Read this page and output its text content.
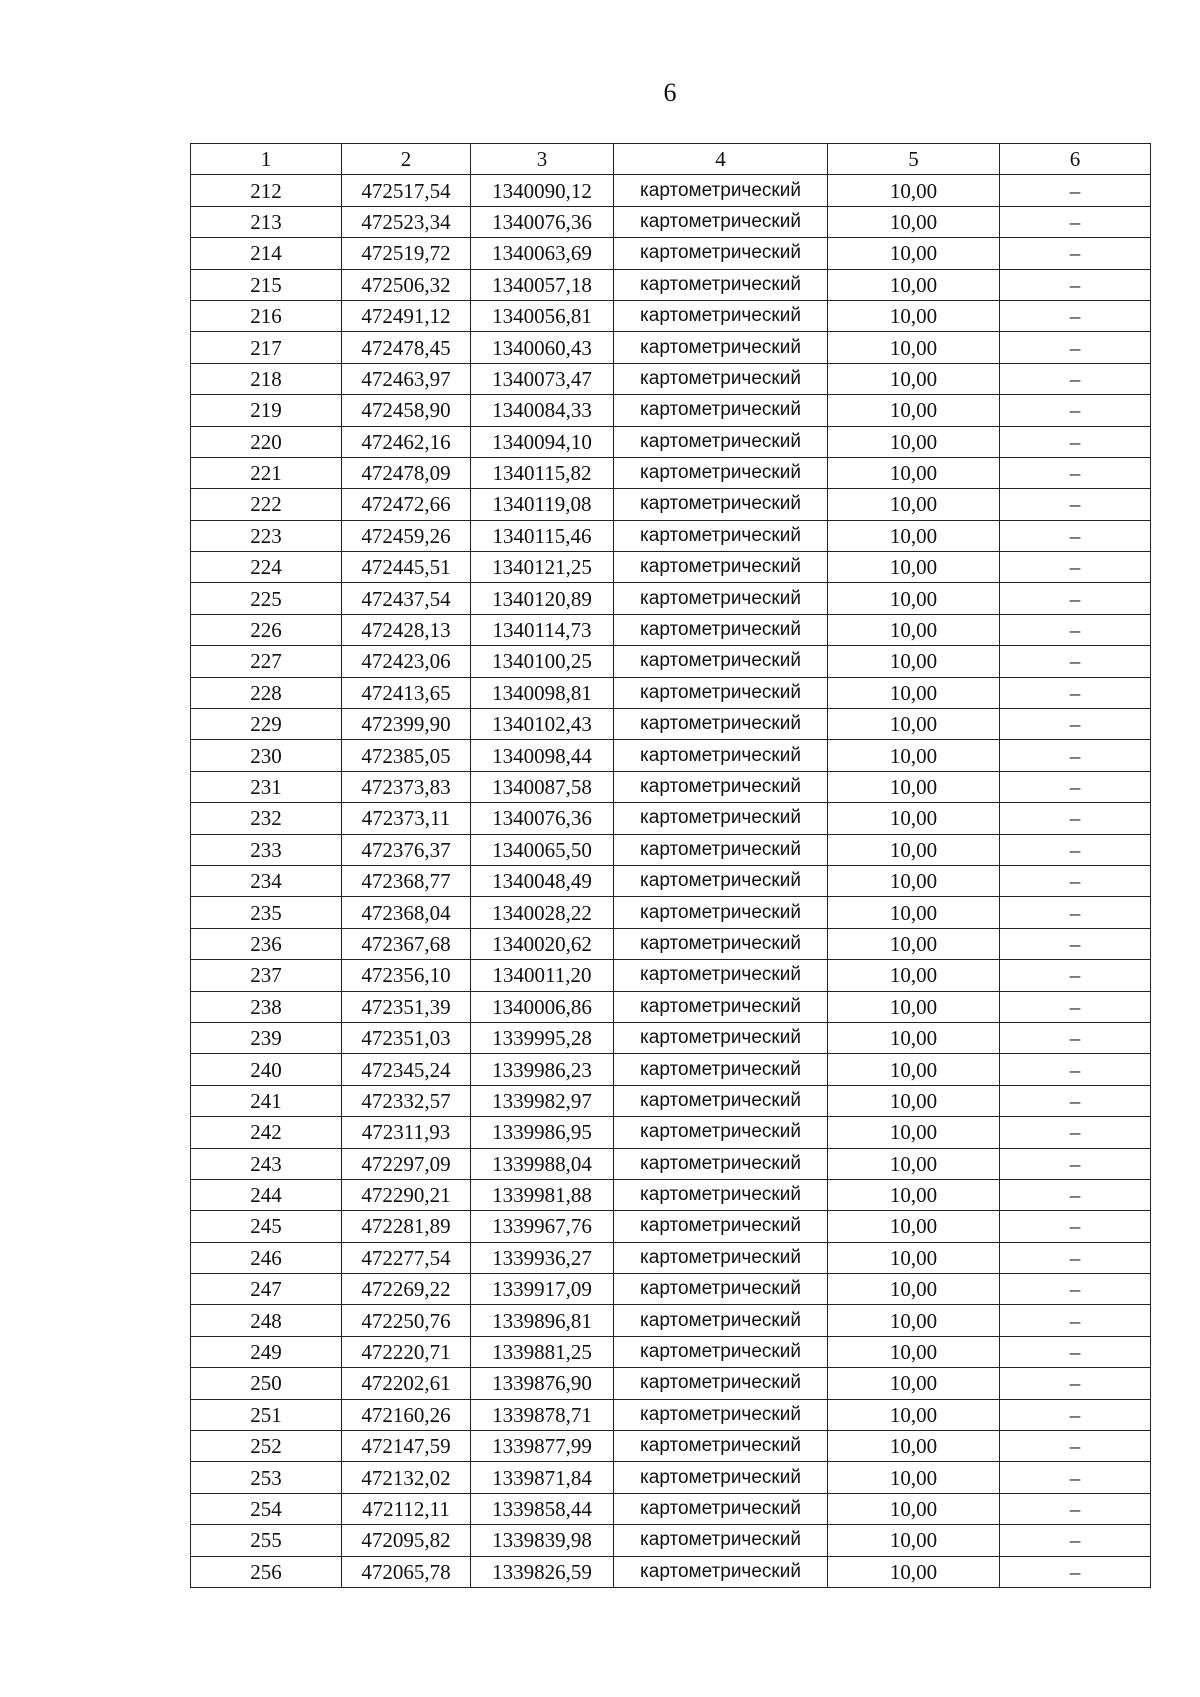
6
1	2	3	4	5	6
212	472517,54	1340090,12	картометрический	10,00	–
213	472523,34	1340076,36	картометрический	10,00	–
214	472519,72	1340063,69	картометрический	10,00	–
215	472506,32	1340057,18	картометрический	10,00	–
216	472491,12	1340056,81	картометрический	10,00	–
217	472478,45	1340060,43	картометрический	10,00	–
218	472463,97	1340073,47	картометрический	10,00	–
219	472458,90	1340084,33	картометрический	10,00	–
220	472462,16	1340094,10	картометрический	10,00	–
221	472478,09	1340115,82	картометрический	10,00	–
222	472472,66	1340119,08	картометрический	10,00	–
223	472459,26	1340115,46	картометрический	10,00	–
224	472445,51	1340121,25	картометрический	10,00	–
225	472437,54	1340120,89	картометрический	10,00	–
226	472428,13	1340114,73	картометрический	10,00	–
227	472423,06	1340100,25	картометрический	10,00	–
228	472413,65	1340098,81	картометрический	10,00	–
229	472399,90	1340102,43	картометрический	10,00	–
230	472385,05	1340098,44	картометрический	10,00	–
231	472373,83	1340087,58	картометрический	10,00	–
232	472373,11	1340076,36	картометрический	10,00	–
233	472376,37	1340065,50	картометрический	10,00	–
234	472368,77	1340048,49	картометрический	10,00	–
235	472368,04	1340028,22	картометрический	10,00	–
236	472367,68	1340020,62	картометрический	10,00	–
237	472356,10	1340011,20	картометрический	10,00	–
238	472351,39	1340006,86	картометрический	10,00	–
239	472351,03	1339995,28	картометрический	10,00	–
240	472345,24	1339986,23	картометрический	10,00	–
241	472332,57	1339982,97	картометрический	10,00	–
242	472311,93	1339986,95	картометрический	10,00	–
243	472297,09	1339988,04	картометрический	10,00	–
244	472290,21	1339981,88	картометрический	10,00	–
245	472281,89	1339967,76	картометрический	10,00	–
246	472277,54	1339936,27	картометрический	10,00	–
247	472269,22	1339917,09	картометрический	10,00	–
248	472250,76	1339896,81	картометрический	10,00	–
249	472220,71	1339881,25	картометрический	10,00	–
250	472202,61	1339876,90	картометрический	10,00	–
251	472160,26	1339878,71	картометрический	10,00	–
252	472147,59	1339877,99	картометрический	10,00	–
253	472132,02	1339871,84	картометрический	10,00	–
254	472112,11	1339858,44	картометрический	10,00	–
255	472095,82	1339839,98	картометрический	10,00	–
256	472065,78	1339826,59	картометрический	10,00	–
